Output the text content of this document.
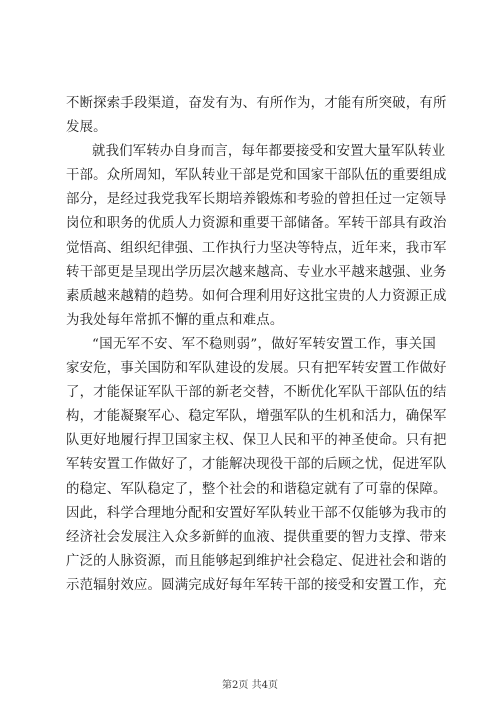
不断探索手段渠道，奋发有为、有所作为，才能有所突破，有所
发展。
就我们军转办自身而言，每年都要接受和安置大量军队转业
干部。众所周知，军队转业干部是党和国家干部队伍的重要组成
部分，是经过我党我军长期培养锻炼和考验的曾担任过一定领导
岗位和职务的优质人力资源和重要干部储备。军转干部具有政治
觉悟高、组织纪律强、工作执行力坚决等特点，近年来，我市军
转干部更是呈现出学历层次越来越高、专业水平越来越强、业务
素质越来越精的趋势。如何合理利用好这批宝贵的人力资源正成
为我处每年常抓不懈的重点和难点。
“国无军不安、军不稳则弱”，做好军转安置工作，事关国
家安危，事关国防和军队建设的发展。只有把军转安置工作做好
了，才能保证军队干部的新老交替，不断优化军队干部队伍的结
构，才能凝聚军心、稳定军队，增强军队的生机和活力，确保军
队更好地履行捍卫国家主权、保卫人民和平的神圣使命。只有把
军转安置工作做好了，才能解决现役干部的后顾之忧，促进军队
的稳定、军队稳定了，整个社会的和谐稳定就有了可靠的保障。
因此，科学合理地分配和安置好军队转业干部不仅能够为我市的
经济社会发展注入众多新鲜的血液、提供重要的智力支撑、带来
广泛的人脉资源，而且能够起到维护社会稳定、促进社会和谐的
示范辐射效应。圆满完成好每年军转干部的接受和安置工作，充
第2页 共4页
